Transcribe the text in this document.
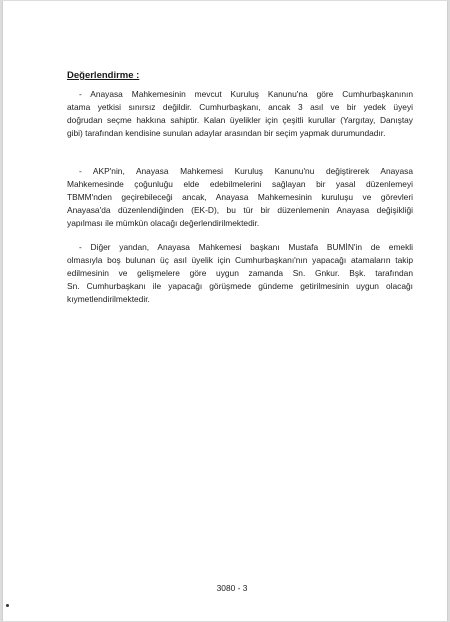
Değerlendirme :

- Anayasa Mahkemesinin mevcut Kuruluş Kanunu'na göre Cumhurbaşkanının
atama yetkisi sınırsız değildir. Cumhurbaşkanı, ancak 3 asıl ve bir yedek üyeyi
doğrudan seçme hakkına sahiptir. Kalan üyelikler için çeşitli kurullar (Yargıtay, Danıştay
gibi) tarafından kendisine sunulan adaylar arasından bir seçim yapmak durumundadır.

- AKP'nin, Anayasa Mahkemesi Kuruluş Kanunu'nu değiştirerek Anayasa
Mahkemesinde çoğunluğu elde edebilmelerini sağlayan bir yasal düzenlemeyi
TBMM'nden geçirebileceği ancak, Anayasa Mahkemesinin kuruluşu ve görevleri
Anayasa'da düzenlendiğinden (EK-D), bu tür bir düzenlemenin Anayasa değişikliği
yapılması ile mümkün olacağı değerlendirilmektedir.

- Diğer yandan, Anayasa Mahkemesi başkanı Mustafa BUMİN'in de emekli
olmasıyla boş bulunan üç asıl üyelik için Cumhurbaşkanı'nın yapacağı atamaların takip
edilmesinin ve gelişmelere göre uygun zamanda Sn. Gnkur. Bşk. tarafından
Sn. Cumhurbaşkanı ile yapacağı görüşmede gündeme getirilmesinin uygun olacağı
kıymetlendirilmektedir.

3080 - 3
